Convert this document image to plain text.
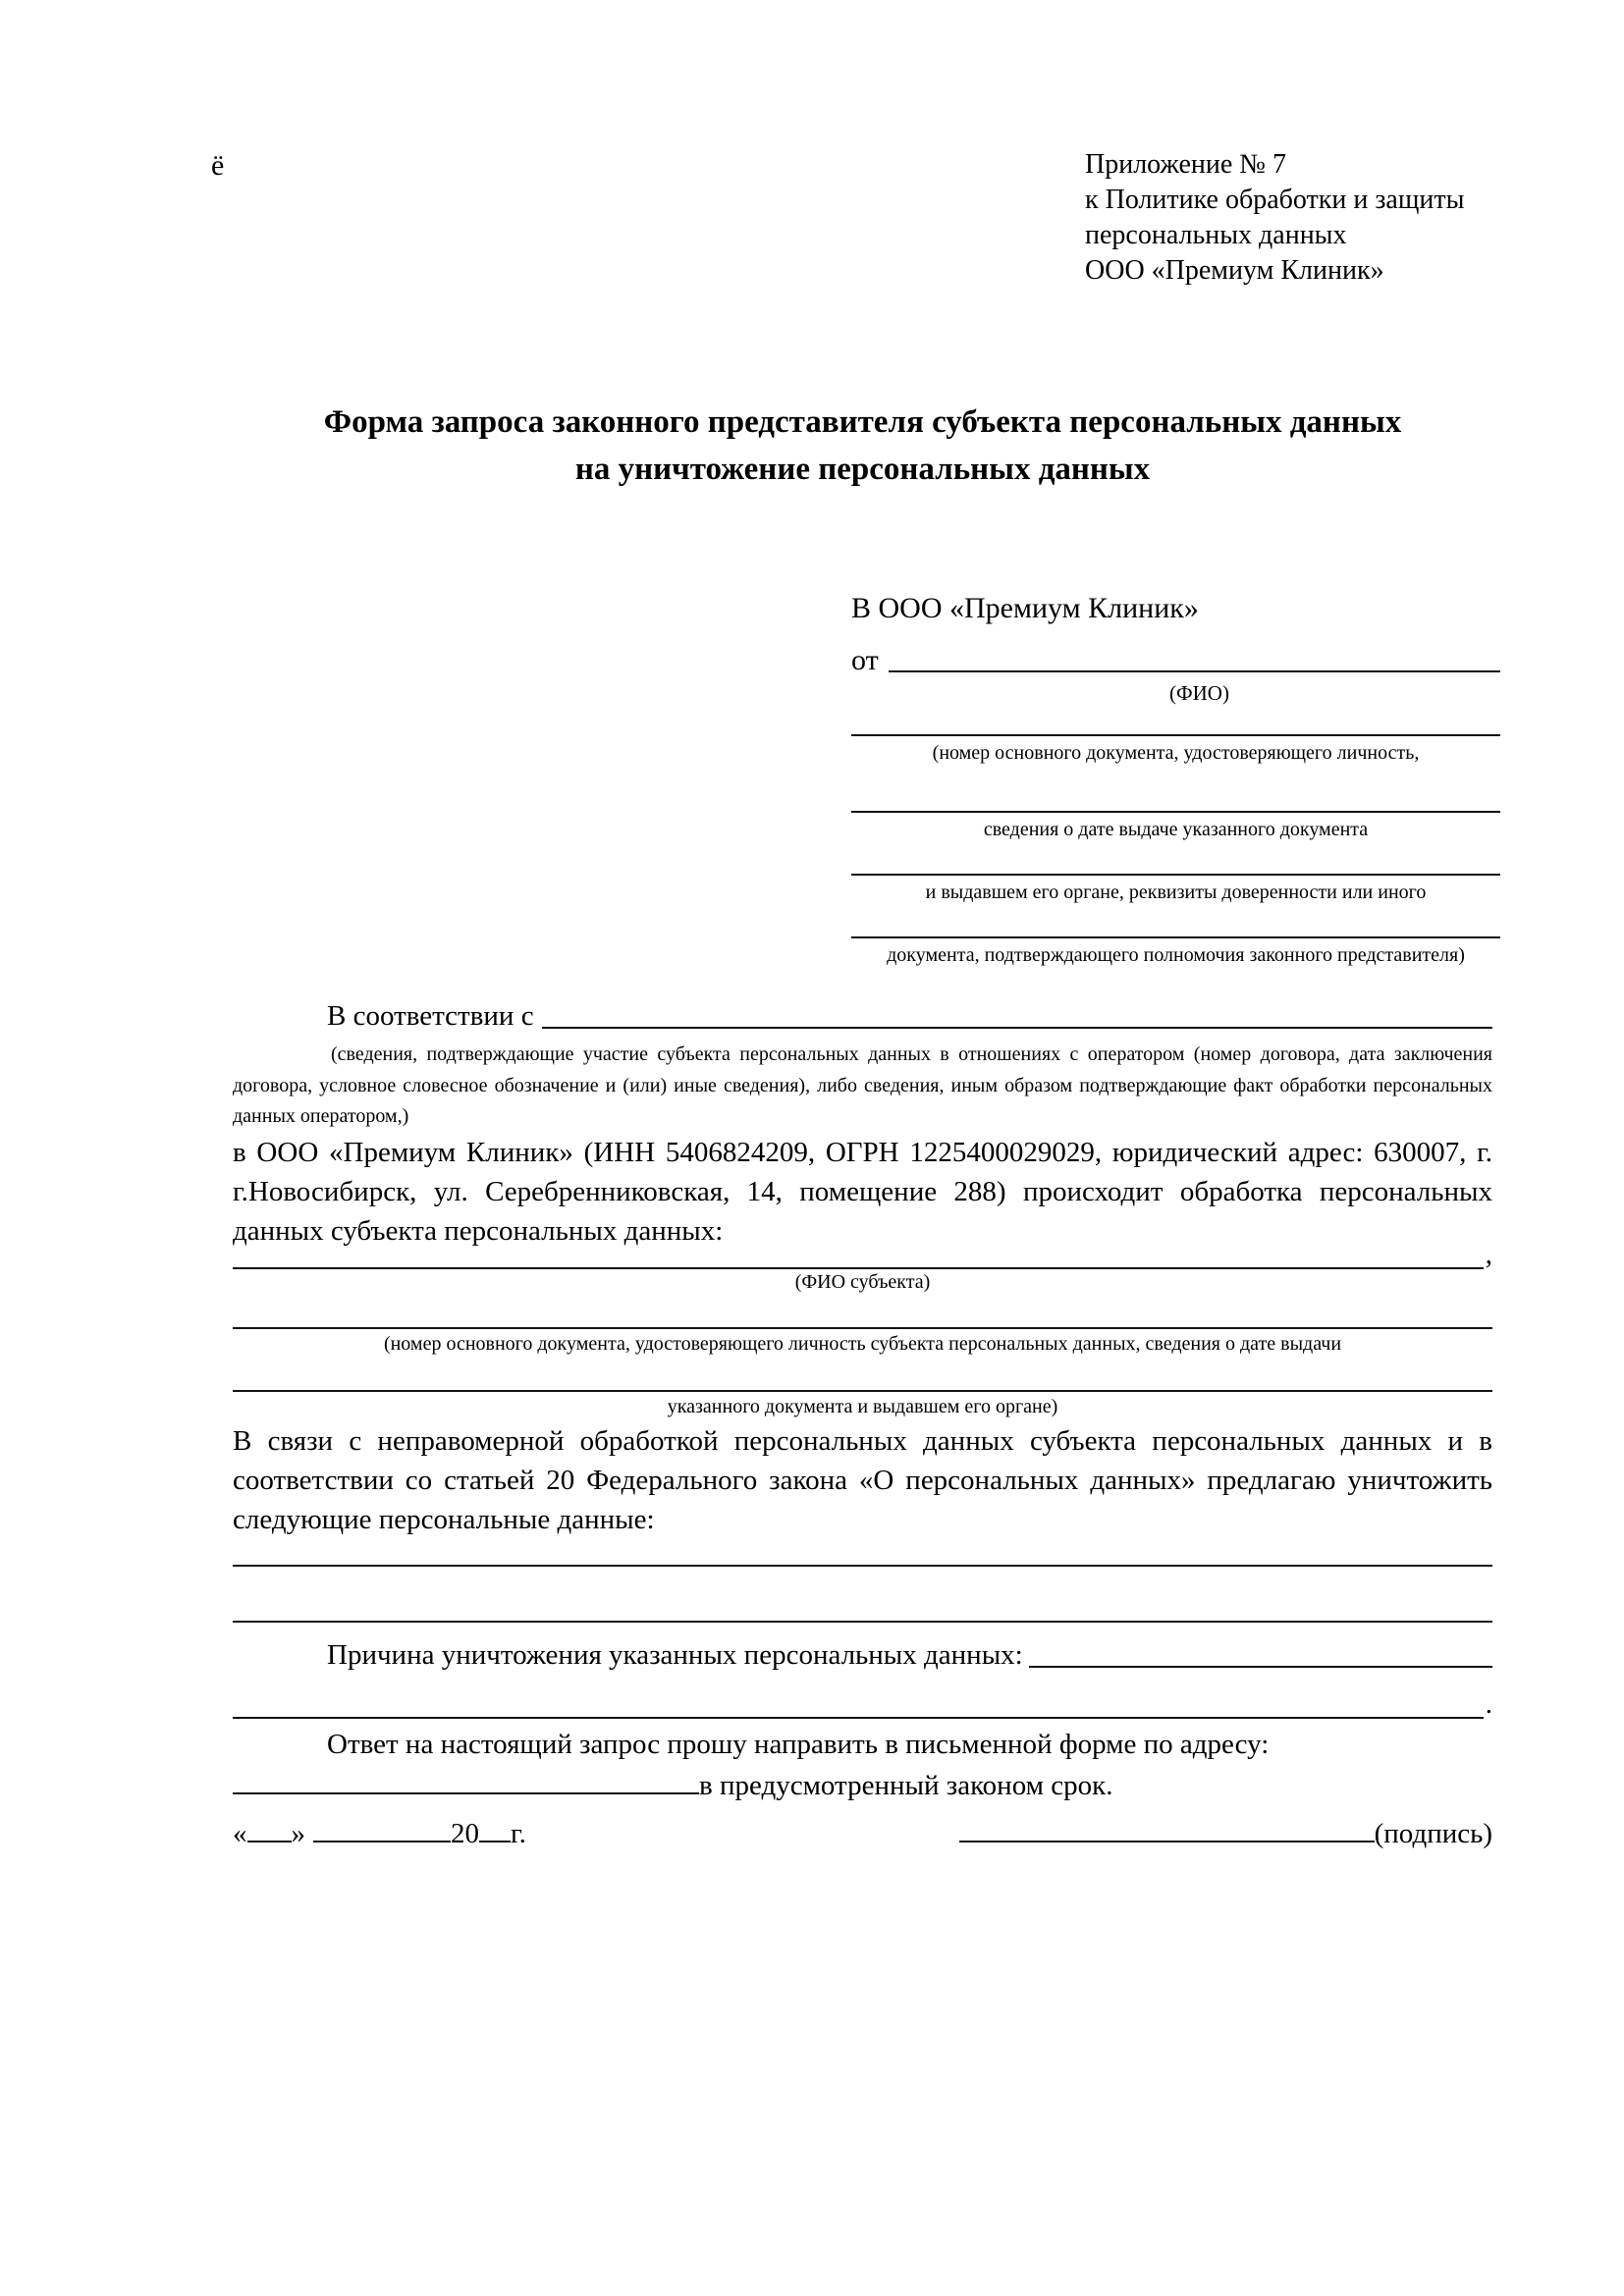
ё	Приложение № 7
к Политике обработки и защиты
персональных данных
ООО «Премиум Клиник»
Форма запроса законного представителя субъекта персональных данных
на уничтожение персональных данных
В ООО «Премиум Клиник»
от
(ФИО)
(номер основного документа, удостоверяющего личность,
сведения о дате выдаче указанного документа
и выдавшем его органе, реквизиты доверенности или иного
документа, подтверждающего полномочия законного представителя)
В соответствии с
(сведения, подтверждающие участие субъекта персональных данных в отношениях с оператором (номер договора, дата заключения договора, условное словесное обозначение и (или) иные сведения), либо сведения, иным образом подтверждающие факт обработки персональных данных оператором,)
в ООО «Премиум Клиник» (ИНН 5406824209, ОГРН 1225400029029, юридический адрес: 630007, г. г.Новосибирск, ул. Серебренниковская, 14, помещение 288) происходит обработка персональных данных субъекта персональных данных:
,
(ФИО субъекта)
(номер основного документа, удостоверяющего личность субъекта персональных данных, сведения о дате выдачи
указанного документа и выдавшем его органе)
В связи с неправомерной обработкой персональных данных субъекта персональных данных и в соответствии со статьей 20 Федерального закона «О персональных данных» предлагаю уничтожить следующие персональные данные:
Причина уничтожения указанных персональных данных:
.
Ответ на настоящий запрос прошу направить в письменной форме по адресу:
в предусмотренный законом срок.
« »	20 г.	(подпись)
